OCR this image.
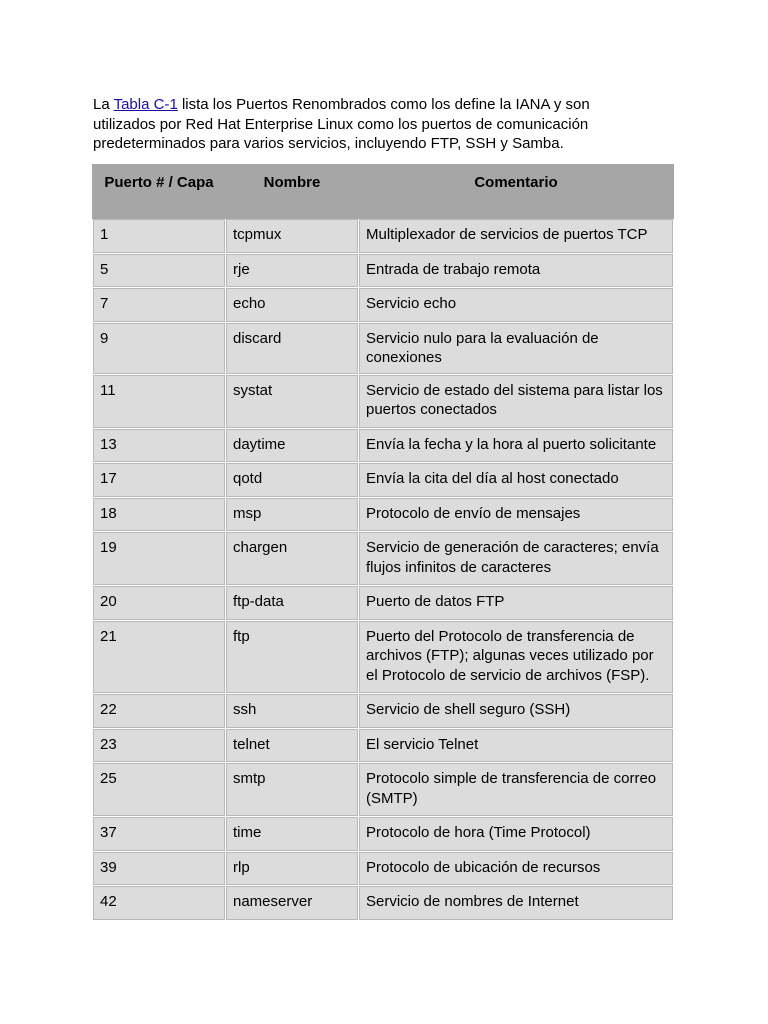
La Tabla C-1 lista los Puertos Renombrados como los define la IANA y son utilizados por Red Hat Enterprise Linux como los puertos de comunicación predeterminados para varios servicios, incluyendo FTP, SSH y Samba.

Puerto # / Capa	Nombre	Comentario
1	tcpmux	Multiplexador de servicios de puertos TCP
5	rje	Entrada de trabajo remota
7	echo	Servicio echo
9	discard	Servicio nulo para la evaluación de conexiones
11	systat	Servicio de estado del sistema para listar los puertos conectados
13	daytime	Envía la fecha y la hora al puerto solicitante
17	qotd	Envía la cita del día al host conectado
18	msp	Protocolo de envío de mensajes
19	chargen	Servicio de generación de caracteres; envía flujos infinitos de caracteres
20	ftp-data	Puerto de datos FTP
21	ftp	Puerto del Protocolo de transferencia de archivos (FTP); algunas veces utilizado por el Protocolo de servicio de archivos (FSP).
22	ssh	Servicio de shell seguro (SSH)
23	telnet	El servicio Telnet
25	smtp	Protocolo simple de transferencia de correo (SMTP)
37	time	Protocolo de hora (Time Protocol)
39	rlp	Protocolo de ubicación de recursos
42	nameserver	Servicio de nombres de Internet
